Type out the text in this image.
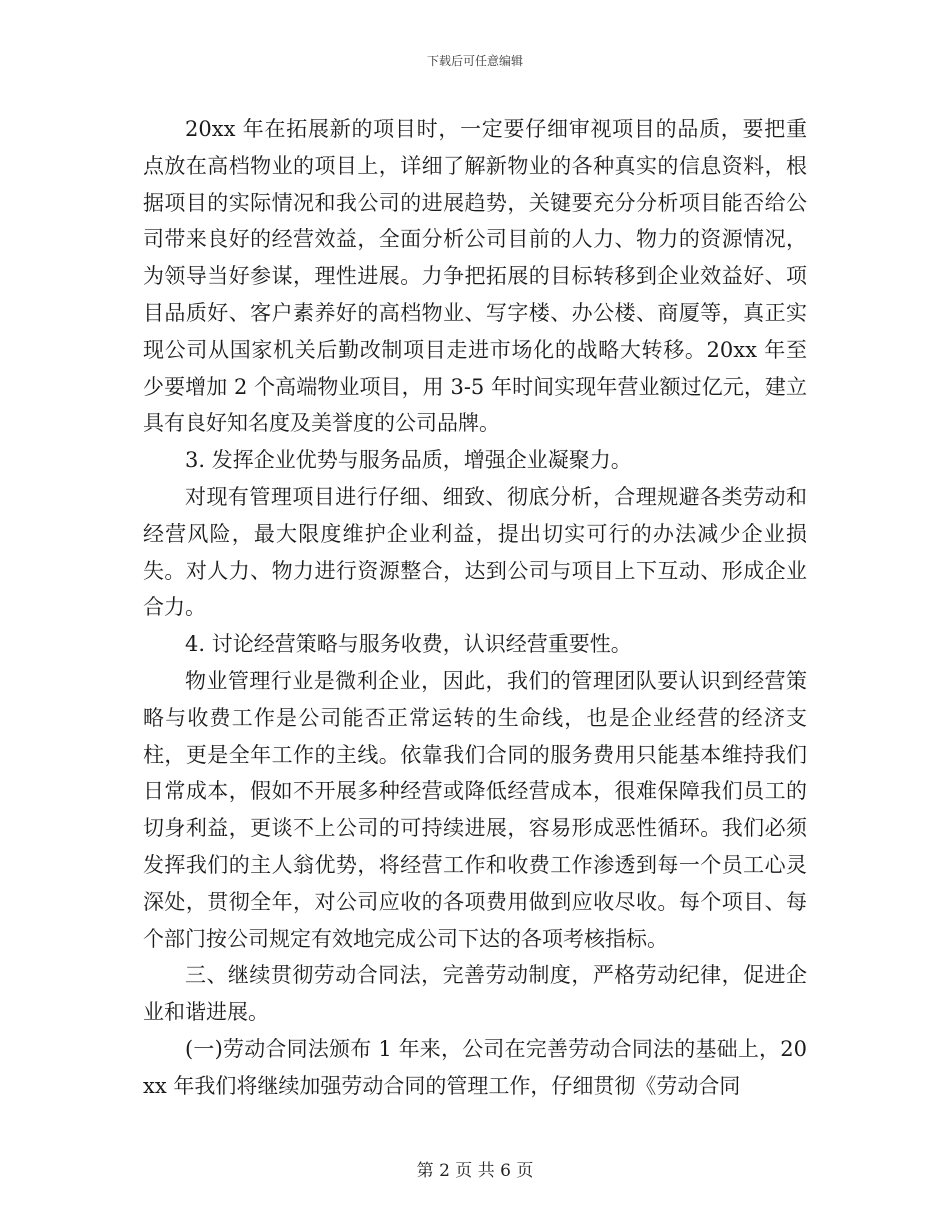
下载后可任意编辑

20xx 年在拓展新的项目时，一定要仔细审视项目的品质，要把重点放在高档物业的项目上，详细了解新物业的各种真实的信息资料，根据项目的实际情况和我公司的进展趋势，关键要充分分析项目能否给公司带来良好的经营效益，全面分析公司目前的人力、物力的资源情况，为领导当好参谋，理性进展。力争把拓展的目标转移到企业效益好、项目品质好、客户素养好的高档物业、写字楼、办公楼、商厦等，真正实现公司从国家机关后勤改制项目走进市场化的战略大转移。20xx 年至少要增加 2 个高端物业项目，用 3-5 年时间实现年营业额过亿元，建立具有良好知名度及美誉度的公司品牌。

3. 发挥企业优势与服务品质，增强企业凝聚力。

对现有管理项目进行仔细、细致、彻底分析，合理规避各类劳动和经营风险，最大限度维护企业利益，提出切实可行的办法减少企业损失。对人力、物力进行资源整合，达到公司与项目上下互动、形成企业合力。

4. 讨论经营策略与服务收费，认识经营重要性。

物业管理行业是微利企业，因此，我们的管理团队要认识到经营策略与收费工作是公司能否正常运转的生命线，也是企业经营的经济支柱，更是全年工作的主线。依靠我们合同的服务费用只能基本维持我们日常成本，假如不开展多种经营或降低经营成本，很难保障我们员工的切身利益，更谈不上公司的可持续进展，容易形成恶性循环。我们必须发挥我们的主人翁优势，将经营工作和收费工作渗透到每一个员工心灵深处，贯彻全年，对公司应收的各项费用做到应收尽收。每个项目、每个部门按公司规定有效地完成公司下达的各项考核指标。

三、继续贯彻劳动合同法，完善劳动制度，严格劳动纪律，促进企业和谐进展。

(一)劳动合同法颁布 1 年来，公司在完善劳动合同法的基础上，20xx 年我们将继续加强劳动合同的管理工作，仔细贯彻《劳动合同

第 2 页 共 6 页
